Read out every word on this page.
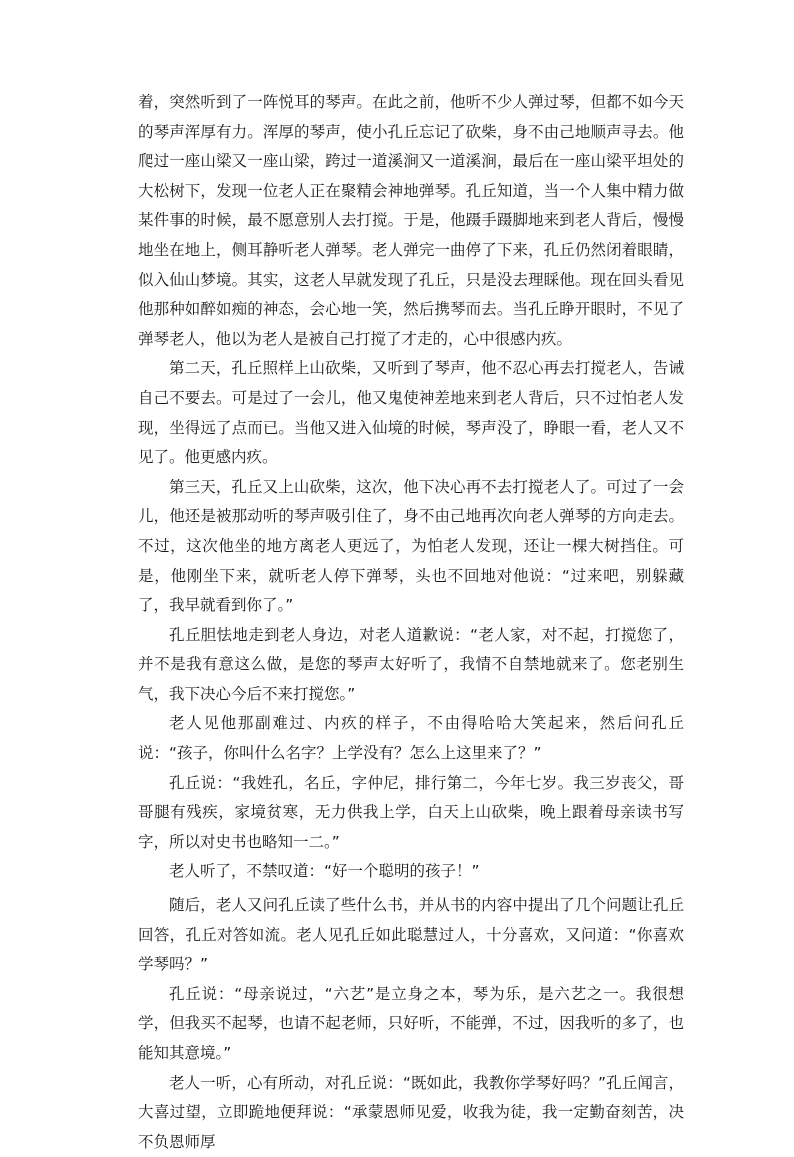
着，突然听到了一阵悦耳的琴声。在此之前，他听不少人弹过琴，但都不如今天的琴声浑厚有力。浑厚的琴声，使小孔丘忘记了砍柴，身不由己地顺声寻去。他爬过一座山梁又一座山梁，跨过一道溪涧又一道溪涧，最后在一座山梁平坦处的大松树下，发现一位老人正在聚精会神地弹琴。孔丘知道，当一个人集中精力做某件事的时候，最不愿意别人去打搅。于是，他蹑手蹑脚地来到老人背后，慢慢地坐在地上，侧耳静听老人弹琴。老人弹完一曲停了下来，孔丘仍然闭着眼睛，似入仙山梦境。其实，这老人早就发现了孔丘，只是没去理睬他。现在回头看见他那种如醉如痴的神态，会心地一笑，然后携琴而去。当孔丘睁开眼时，不见了弹琴老人，他以为老人是被自己打搅了才走的，心中很感内疚。

第二天，孔丘照样上山砍柴，又听到了琴声，他不忍心再去打搅老人，告诫自己不要去。可是过了一会儿，他又鬼使神差地来到老人背后，只不过怕老人发现，坐得远了点而已。当他又进入仙境的时候，琴声没了，睁眼一看，老人又不见了。他更感内疚。

第三天，孔丘又上山砍柴，这次，他下决心再不去打搅老人了。可过了一会儿，他还是被那动听的琴声吸引住了，身不由己地再次向老人弹琴的方向走去。不过，这次他坐的地方离老人更远了，为怕老人发现，还让一棵大树挡住。可是，他刚坐下来，就听老人停下弹琴，头也不回地对他说：“过来吧，别躲藏了，我早就看到你了。”

孔丘胆怯地走到老人身边，对老人道歉说：“老人家，对不起，打搅您了，并不是我有意这么做，是您的琴声太好听了，我情不自禁地就来了。您老别生气，我下决心今后不来打搅您。”

老人见他那副难过、内疚的样子，不由得哈哈大笑起来，然后问孔丘说：“孩子，你叫什么名字？上学没有？怎么上这里来了？”

孔丘说：“我姓孔，名丘，字仲尼，排行第二，今年七岁。我三岁丧父，哥哥腿有残疾，家境贫寒，无力供我上学，白天上山砍柴，晚上跟着母亲读书写字，所以对史书也略知一二。”

老人听了，不禁叹道：“好一个聪明的孩子！”

随后，老人又问孔丘读了些什么书，并从书的内容中提出了几个问题让孔丘回答，孔丘对答如流。老人见孔丘如此聪慧过人，十分喜欢，又问道：“你喜欢学琴吗？”

孔丘说：“母亲说过，“六艺”是立身之本，琴为乐，是六艺之一。我很想学，但我买不起琴，也请不起老师，只好听，不能弹，不过，因我听的多了，也能知其意境。”

老人一听，心有所动，对孔丘说：“既如此，我教你学琴好吗？”孔丘闻言，大喜过望，立即跪地便拜说：“承蒙恩师见爱，收我为徒，我一定勤奋刻苦，决不负恩师厚
